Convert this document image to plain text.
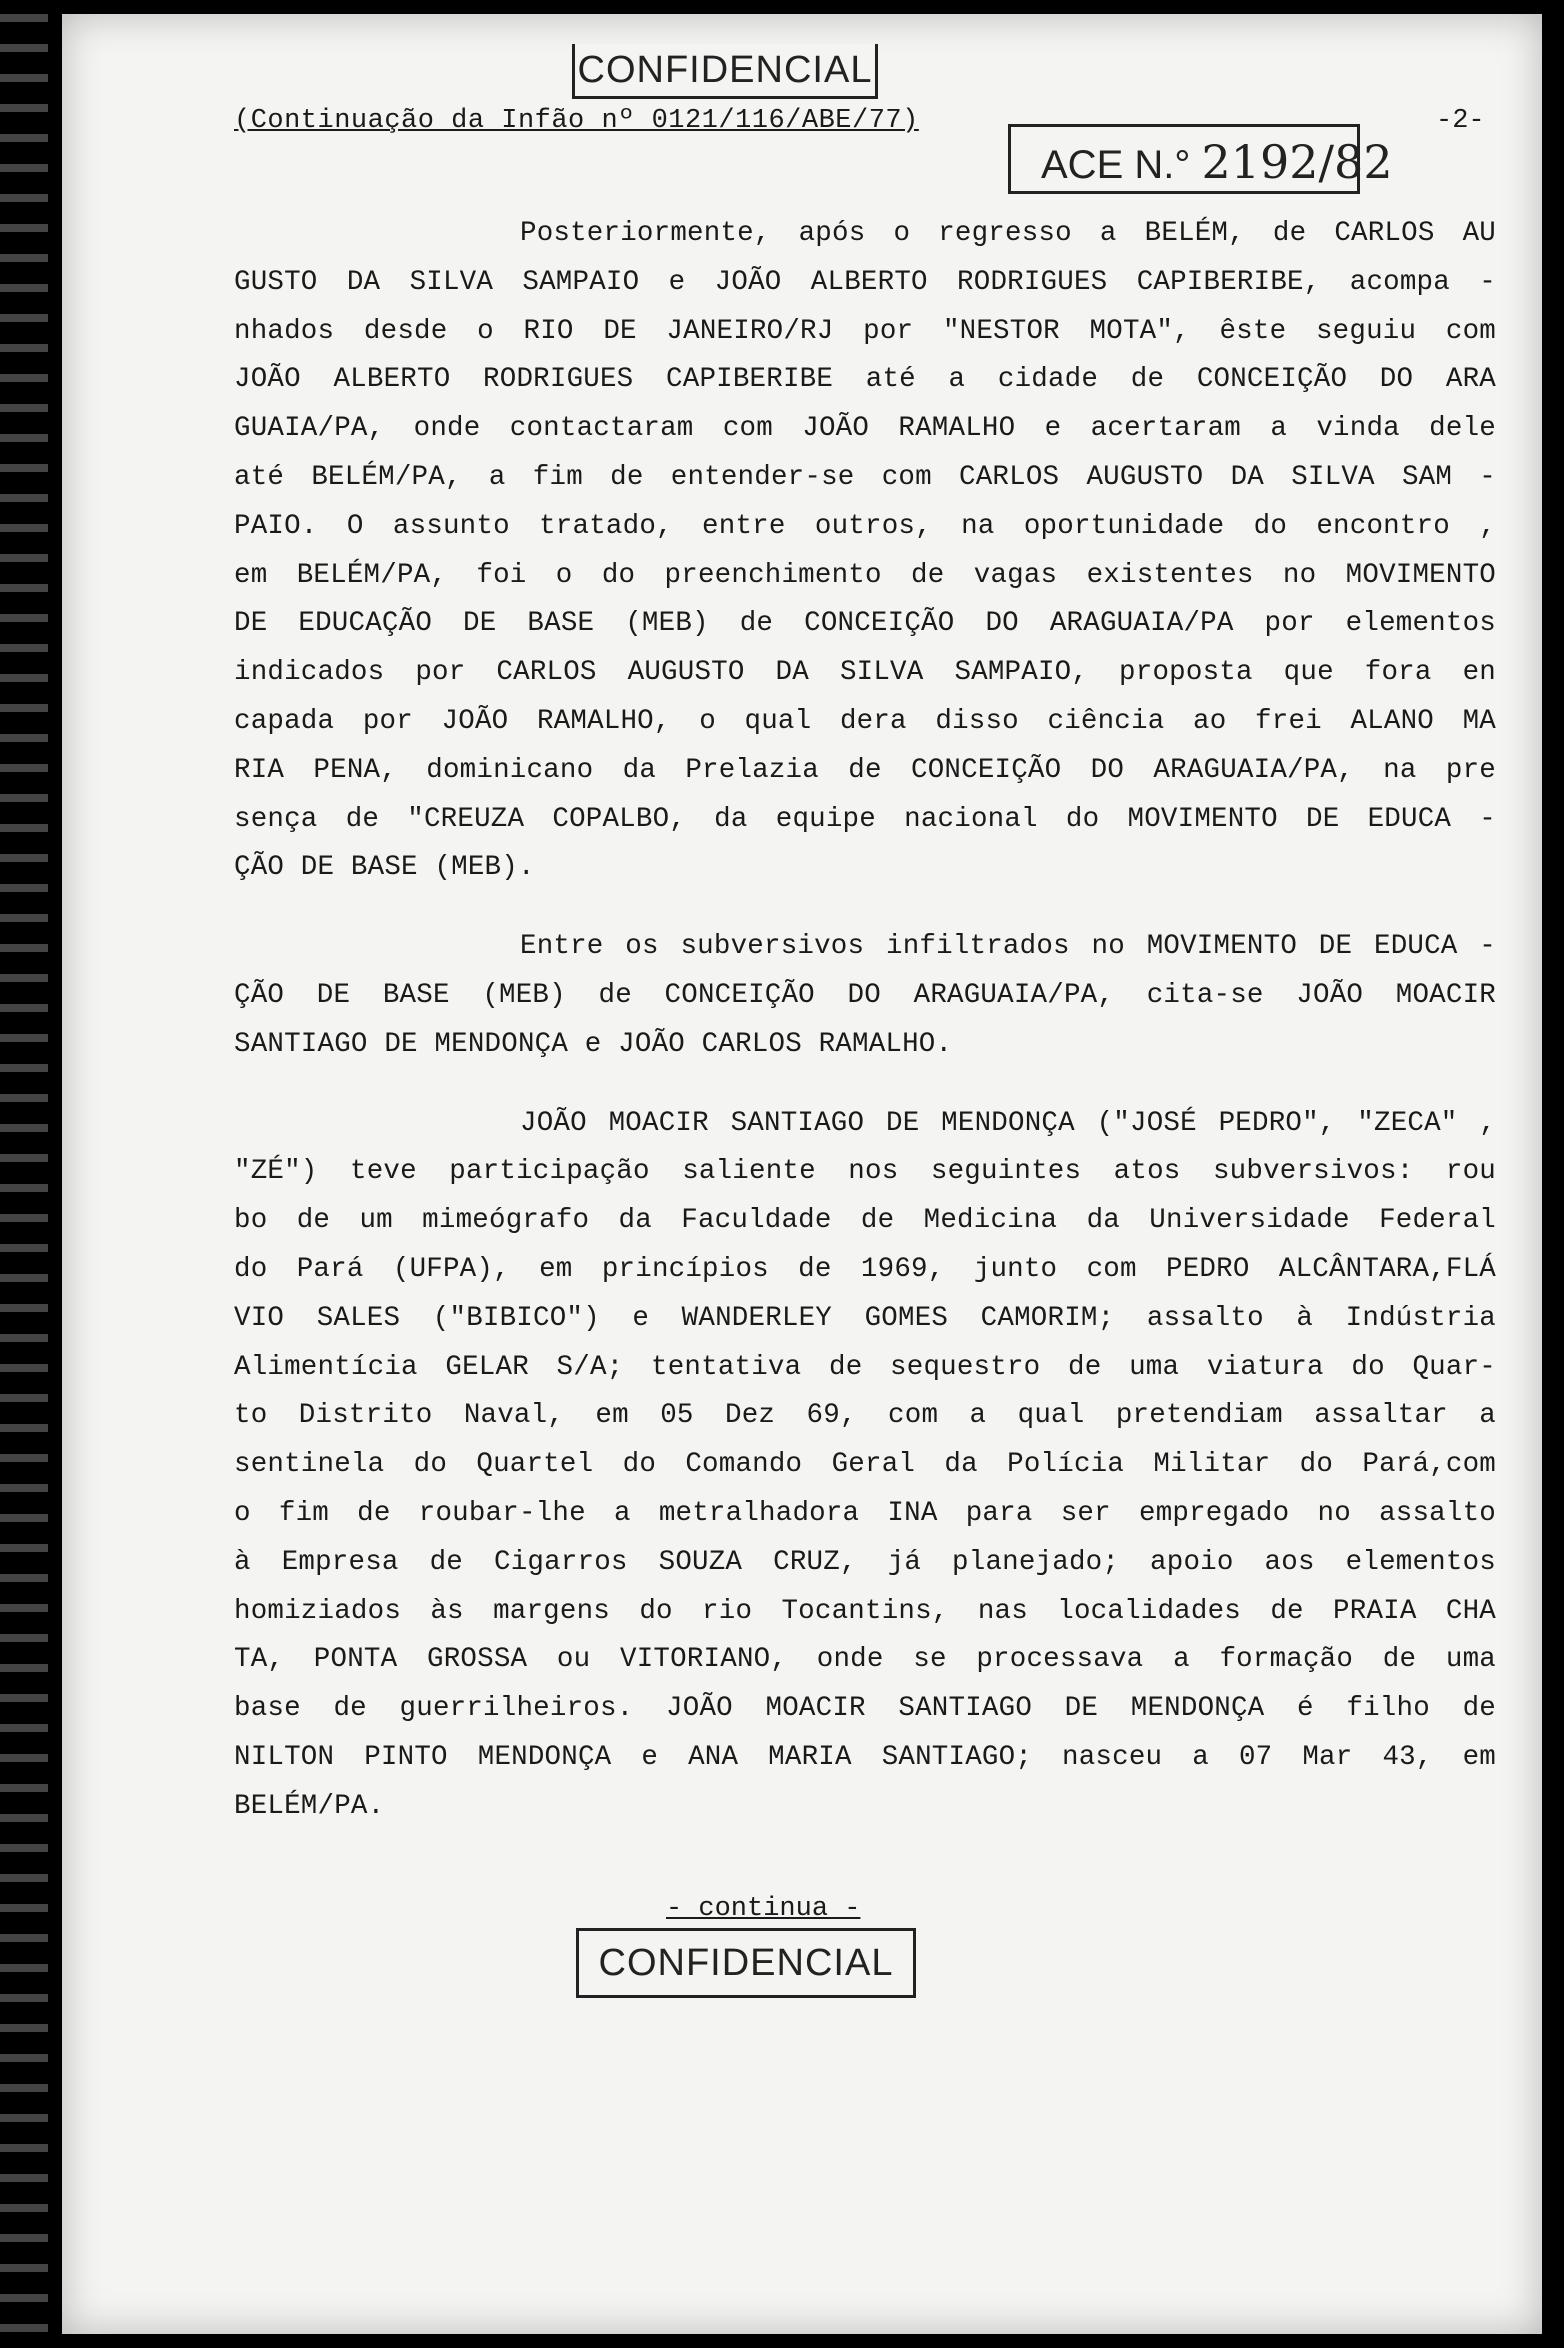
CONFIDENCIAL
(Continuação da Infão nº 0121/116/ABE/77)	-2-
ACE N.° 2192/82
Posteriormente, após o regresso a BELÉM, de CARLOS AU
GUSTO DA SILVA SAMPAIO e JOÃO ALBERTO RODRIGUES CAPIBERIBE, acompa -
nhados desde o RIO DE JANEIRO/RJ por "NESTOR MOTA", êste seguiu com
JOÃO ALBERTO RODRIGUES CAPIBERIBE até a cidade de CONCEIÇÃO DO ARA
GUAIA/PA, onde contactaram com JOÃO RAMALHO e acertaram a vinda dele
até BELÉM/PA, a fim de entender-se com CARLOS AUGUSTO DA SILVA SAM -
PAIO. O assunto tratado, entre outros, na oportunidade do encontro ,
em BELÉM/PA, foi o do preenchimento de vagas existentes no MOVIMENTO
DE EDUCAÇÃO DE BASE (MEB) de CONCEIÇÃO DO ARAGUAIA/PA por elementos
indicados por CARLOS AUGUSTO DA SILVA SAMPAIO, proposta que fora en
capada por JOÃO RAMALHO, o qual dera disso ciência ao frei ALANO MA
RIA PENA, dominicano da Prelazia de CONCEIÇÃO DO ARAGUAIA/PA, na pre
sença de "CREUZA COPALBO, da equipe nacional do MOVIMENTO DE EDUCA -
ÇÃO DE BASE (MEB).
Entre os subversivos infiltrados no MOVIMENTO DE EDUCA -
ÇÃO DE BASE (MEB) de CONCEIÇÃO DO ARAGUAIA/PA, cita-se JOÃO MOACIR
SANTIAGO DE MENDONÇA e JOÃO CARLOS RAMALHO.
JOÃO MOACIR SANTIAGO DE MENDONÇA ("JOSÉ PEDRO", "ZECA" ,
"ZÉ") teve participação saliente nos seguintes atos subversivos: rou
bo de um mimeógrafo da Faculdade de Medicina da Universidade Federal
do Pará (UFPA), em princípios de 1969, junto com PEDRO ALCÂNTARA,FLÁ
VIO SALES ("BIBICO") e WANDERLEY GOMES CAMORIM; assalto à Indústria
Alimentícia GELAR S/A; tentativa de sequestro de uma viatura do Quar-
to Distrito Naval, em 05 Dez 69, com a qual pretendiam assaltar a
sentinela do Quartel do Comando Geral da Polícia Militar do Pará,com
o fim de roubar-lhe a metralhadora INA para ser empregado no assalto
à Empresa de Cigarros SOUZA CRUZ, já planejado; apoio aos elementos
homiziados às margens do rio Tocantins, nas localidades de PRAIA CHA
TA, PONTA GROSSA ou VITORIANO, onde se processava a formação de uma
base de guerrilheiros. JOÃO MOACIR SANTIAGO DE MENDONÇA é filho de
NILTON PINTO MENDONÇA e ANA MARIA SANTIAGO; nasceu a 07 Mar 43, em
BELÉM/PA.
- continua -
CONFIDENCIAL
